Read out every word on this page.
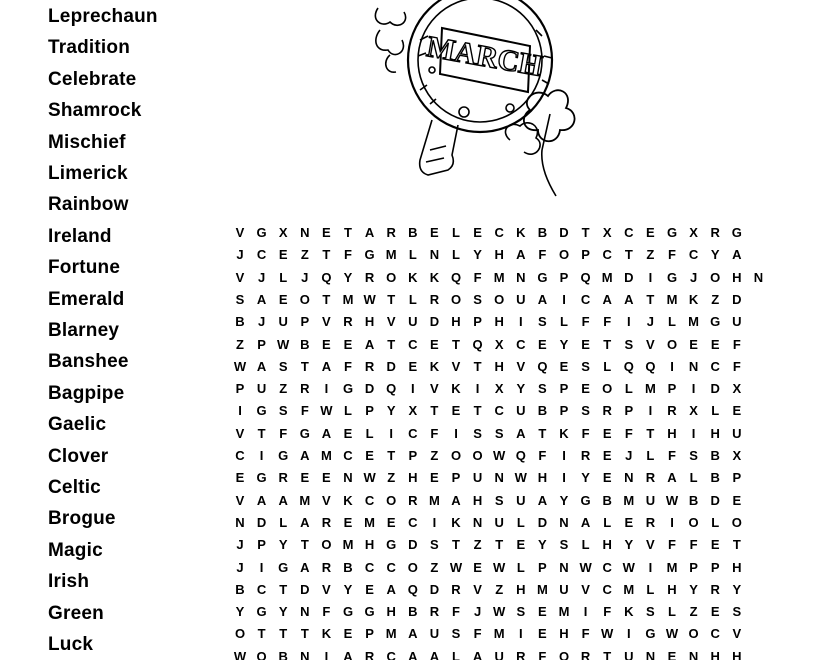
Leprechaun
Tradition
Celebrate
Shamrock
Mischief
Limerick
Rainbow
Ireland
Fortune
Emerald
Blarney
Banshee
Bagpipe
Gaelic
Clover
Celtic
Brogue
Magic
Irish
Green
Luck
MARCH
V G X N E	T A R B E	L	E C K B D T	X C E G X R G
J	C E	Z	T	F G M L N L	Y H A F O P C T	Z	F C Y A
V	J	L	J Q Y R O K K Q F M N G P Q M D	I	G J O H N
S A E O T M W T	L R O S O U A	I	C A A T M K Z D
B	J	U P V R H V U D H P H	I	S	L	F	F	I	J	L M G U
Z	P W B E E A T C E	T Q X C E Y E	T	S V O E E	F
W A S	T A F R D E K V	T H V Q E S	L Q Q	I	N C F
P U Z R	I	G D Q	I	V K	I	X Y S P E O L M P	I	D X
I	G S	F W L	P Y X	T	E	T C U B P S R P	I	R X	L	E
V	T	F G A E	L	I	C F	I	S S A T K F	E	F	T H	I	H U
C	I	G A M C E	T	P	Z O O W Q F	I	R E	J	L	F	S B X
E G R E E N W Z H E P U N W H	I	Y E N R A L B P
V A A M V K C O R M A H S U A Y G B M U W B D E
N D L A R E M E C	I	K N U L D N A L	E R	I	O L O
J	P Y	T O M H G D S	T	Z	T	E Y S	L H Y V	F	F	E	T
J	I	G A R B C C O Z W E W L	P N W C W	I	M P P H
B C T D V Y E A Q D R V	Z H M U V C M L H Y R Y
Y G Y N F G G H B R F	J W S E M	I	F K S	L	Z	E S
O T	T	T K E P M A U S	F M	I	E H F W	I	G W O C V
W O B N	I	A R C A A L A U R F O R T U N E N H H
